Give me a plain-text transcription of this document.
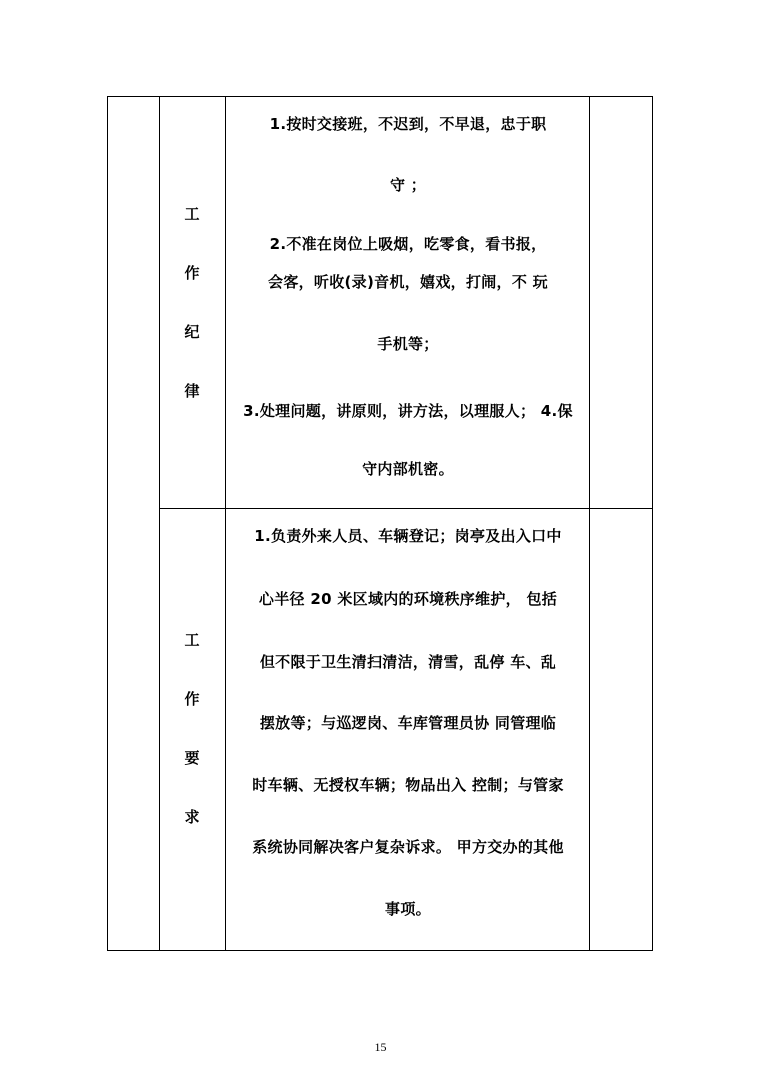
工
作
纪
律
1.按时交接班，不迟到，不早退，忠于职
守 ；
2.不准在岗位上吸烟，吃零食，看书报，
会客，听收(录)音机，嬉戏，打闹，不 玩
手机等；
3.处理问题，讲原则，讲方法，以理服人； 4.保
守内部机密。
工
作
要
求
1.负责外来人员、车辆登记；岗亭及出入口中
心半径 20 米区域内的环境秩序维护， 包括
但不限于卫生清扫清洁，清雪，乱停 车、乱
摆放等；与巡逻岗、车库管理员协 同管理临
时车辆、无授权车辆；物品出入 控制；与管家
系统协同解决客户复杂诉求。 甲方交办的其他
事项。
15
